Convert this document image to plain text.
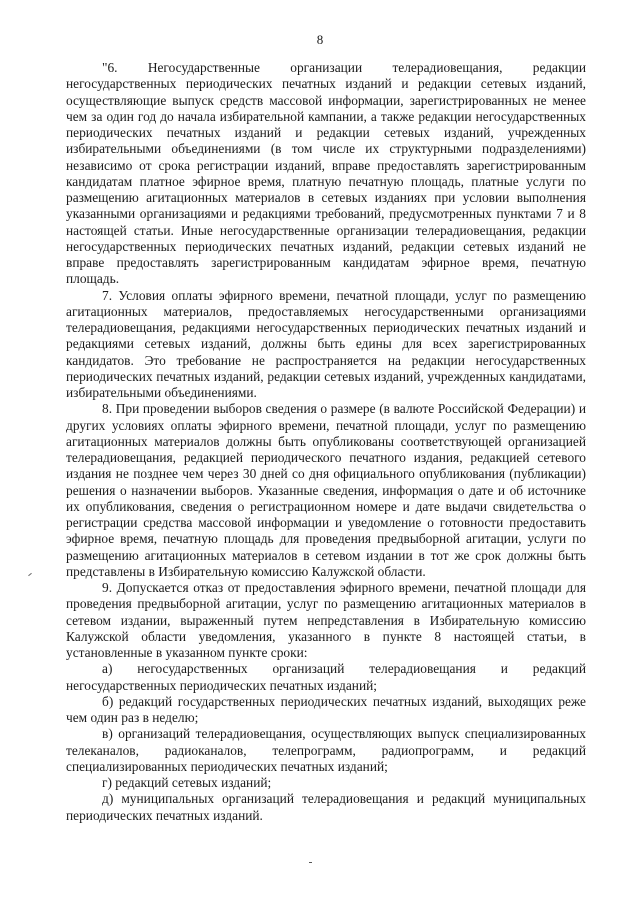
8

"6. Негосударственные организации телерадиовещания, редакции негосударственных периодических печатных изданий и редакции сетевых изданий, осуществляющие выпуск средств массовой информации, зарегистрированных не менее чем за один год до начала избирательной кампании, а также редакции негосударственных периодических печатных изданий и редакции сетевых изданий, учрежденных избирательными объединениями (в том числе их структурными подразделениями) независимо от срока регистрации изданий, вправе предоставлять зарегистрированным кандидатам платное эфирное время, платную печатную площадь, платные услуги по размещению агитационных материалов в сетевых изданиях при условии выполнения указанными организациями и редакциями требований, предусмотренных пунктами 7 и 8 настоящей статьи. Иные негосударственные организации телерадиовещания, редакции негосударственных периодических печатных изданий, редакции сетевых изданий не вправе предоставлять зарегистрированным кандидатам эфирное время, печатную площадь.

7. Условия оплаты эфирного времени, печатной площади, услуг по размещению агитационных материалов, предоставляемых негосударственными организациями телерадиовещания, редакциями негосударственных периодических печатных изданий и редакциями сетевых изданий, должны быть едины для всех зарегистрированных кандидатов. Это требование не распространяется на редакции негосударственных периодических печатных изданий, редакции сетевых изданий, учрежденных кандидатами, избирательными объединениями.

8. При проведении выборов сведения о размере (в валюте Российской Федерации) и других условиях оплаты эфирного времени, печатной площади, услуг по размещению агитационных материалов должны быть опубликованы соответствующей организацией телерадиовещания, редакцией периодического печатного издания, редакцией сетевого издания не позднее чем через 30 дней со дня официального опубликования (публикации) решения о назначении выборов. Указанные сведения, информация о дате и об источнике их опубликования, сведения о регистрационном номере и дате выдачи свидетельства о регистрации средства массовой информации и уведомление о готовности предоставить эфирное время, печатную площадь для проведения предвыборной агитации, услуги по размещению агитационных материалов в сетевом издании в тот же срок должны быть представлены в Избирательную комиссию Калужской области.

9. Допускается отказ от предоставления эфирного времени, печатной площади для проведения предвыборной агитации, услуг по размещению агитационных материалов в сетевом издании, выраженный путем непредставления в Избирательную комиссию Калужской области уведомления, указанного в пункте 8 настоящей статьи, в установленные в указанном пункте сроки:

а) негосударственных организаций телерадиовещания и редакций негосударственных периодических печатных изданий;

б) редакций государственных периодических печатных изданий, выходящих реже чем один раз в неделю;

в) организаций телерадиовещания, осуществляющих выпуск специализированных телеканалов, радиоканалов, телепрограмм, радиопрограмм, и редакций специализированных периодических печатных изданий;

г) редакций сетевых изданий;

д) муниципальных организаций телерадиовещания и редакций муниципальных периодических печатных изданий.
